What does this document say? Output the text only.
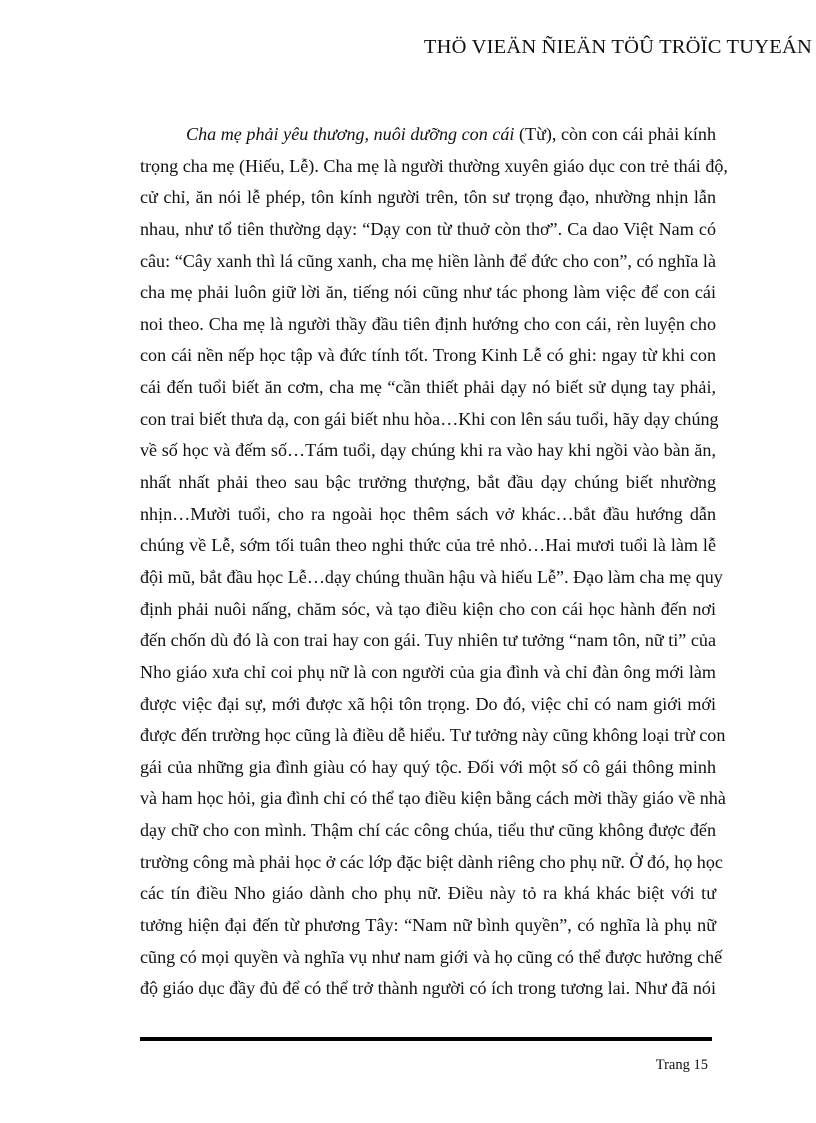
THÖ VIEÄN ÑIEÄN TÖÛ TRÖÏC TUYEÁN
Cha mẹ phải yêu thương, nuôi dưỡng con cái (Từ), còn con cái phải kính
trọng cha mẹ (Hiếu, Lễ). Cha mẹ là người thường xuyên giáo dục con trẻ thái độ,
cử chỉ, ăn nói lễ phép, tôn kính người trên, tôn sư trọng đạo, nhường nhịn lẫn
nhau, như tổ tiên thường dạy: “Dạy con từ thuở còn thơ”. Ca dao Việt Nam có
câu: “Cây xanh thì lá cũng xanh, cha mẹ hiền lành để đức cho con”, có nghĩa là
cha mẹ phải luôn giữ lời ăn, tiếng nói cũng như tác phong làm việc để con cái
noi theo. Cha mẹ là người thầy đầu tiên định hướng cho con cái, rèn luyện cho
con cái nền nếp học tập và đức tính tốt. Trong Kinh Lễ có ghi: ngay từ khi con
cái đến tuổi biết ăn cơm, cha mẹ “cần thiết phải dạy nó biết sử dụng tay phải,
con trai biết thưa dạ, con gái biết nhu hòa…Khi con lên sáu tuổi, hãy dạy chúng
về số học và đếm số…Tám tuổi, dạy chúng khi ra vào hay khi ngồi vào bàn ăn,
nhất nhất phải theo sau bậc trưởng thượng, bắt đầu dạy chúng biết nhường
nhịn…Mười tuổi, cho ra ngoài học thêm sách vở khác…bắt đầu hướng dẫn
chúng về Lễ, sớm tối tuân theo nghi thức của trẻ nhỏ…Hai mươi tuổi là làm lễ
đội mũ, bắt đầu học Lễ…dạy chúng thuần hậu và hiếu Lễ”. Đạo làm cha mẹ quy
định phải nuôi nấng, chăm sóc, và tạo điều kiện cho con cái học hành đến nơi
đến chốn dù đó là con trai hay con gái. Tuy nhiên tư tưởng “nam tôn, nữ ti” của
Nho giáo xưa chỉ coi phụ nữ là con người của gia đình và chỉ đàn ông mới làm
được việc đại sự, mới được xã hội tôn trọng. Do đó, việc chỉ có nam giới mới
được đến trường học cũng là điều dễ hiểu. Tư tưởng này cũng không loại trừ con
gái của những gia đình giàu có hay quý tộc. Đối với một số cô gái thông minh
và ham học hỏi, gia đình chỉ có thể tạo điều kiện bằng cách mời thầy giáo về nhà
dạy chữ cho con mình. Thậm chí các công chúa, tiểu thư cũng không được đến
trường công mà phải học ở các lớp đặc biệt dành riêng cho phụ nữ. Ở đó, họ học
các tín điều Nho giáo dành cho phụ nữ. Điều này tỏ ra khá khác biệt với tư
tưởng hiện đại đến từ phương Tây: “Nam nữ bình quyền”, có nghĩa là phụ nữ
cũng có mọi quyền và nghĩa vụ như nam giới và họ cũng có thể được hưởng chế
độ giáo dục đầy đủ để có thể trở thành người có ích trong tương lai. Như đã nói
Trang 15
